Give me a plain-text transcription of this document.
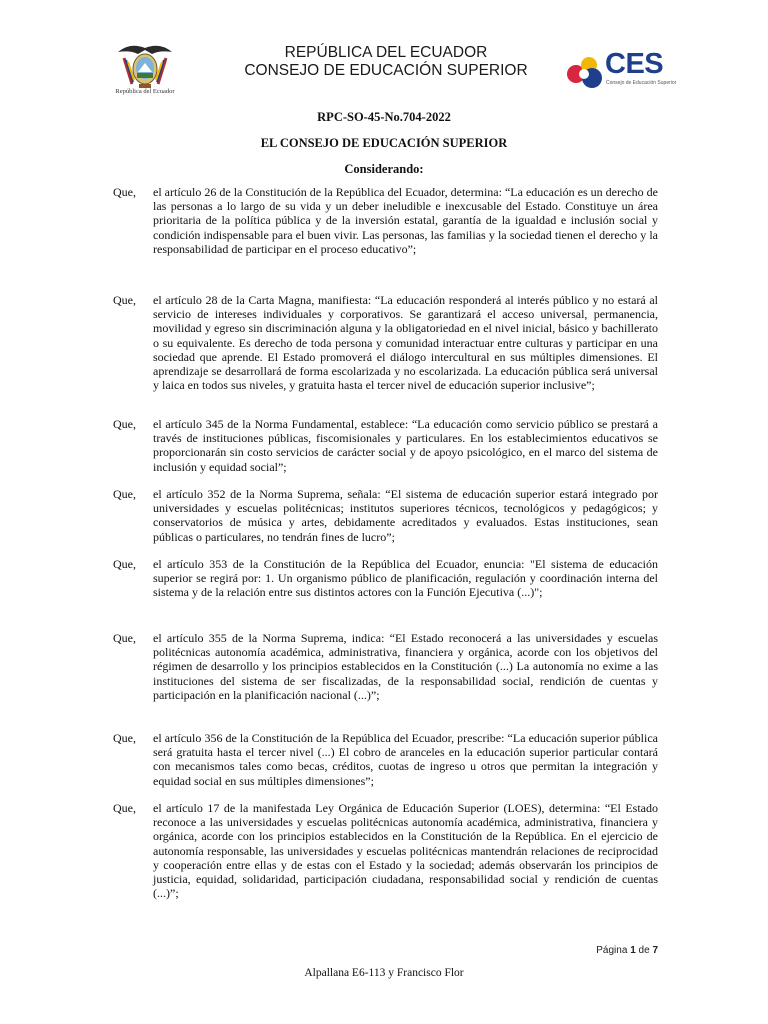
República del Ecuador
REPÚBLICA DEL ECUADOR
CONSEJO DE EDUCACIÓN SUPERIOR	CES
Consejo de Educación Superior
RPC-SO-45-No.704-2022
EL CONSEJO DE EDUCACIÓN SUPERIOR
Considerando:
Que, el artículo 26 de la Constitución de la República del Ecuador, determina: “La educación es un derecho de las personas a lo largo de su vida y un deber ineludible e inexcusable del Estado. Constituye un área prioritaria de la política pública y de la inversión estatal, garantía de la igualdad e inclusión social y condición indispensable para el buen vivir. Las personas, las familias y la sociedad tienen el derecho y la responsabilidad de participar en el proceso educativo”;
Que, el artículo 28 de la Carta Magna, manifiesta: “La educación responderá al interés público y no estará al servicio de intereses individuales y corporativos. Se garantizará el acceso universal, permanencia, movilidad y egreso sin discriminación alguna y la obligatoriedad en el nivel inicial, básico y bachillerato o su equivalente. Es derecho de toda persona y comunidad interactuar entre culturas y participar en una sociedad que aprende. El Estado promoverá el diálogo intercultural en sus múltiples dimensiones. El aprendizaje se desarrollará de forma escolarizada y no escolarizada. La educación pública será universal y laica en todos sus niveles, y gratuita hasta el tercer nivel de educación superior inclusive”;
Que, el artículo 345 de la Norma Fundamental, establece: “La educación como servicio público se prestará a través de instituciones públicas, fiscomisionales y particulares. En los establecimientos educativos se proporcionarán sin costo servicios de carácter social y de apoyo psicológico, en el marco del sistema de inclusión y equidad social”;
Que, el artículo 352 de la Norma Suprema, señala: “El sistema de educación superior estará integrado por universidades y escuelas politécnicas; institutos superiores técnicos, tecnológicos y pedagógicos; y conservatorios de música y artes, debidamente acreditados y evaluados. Estas instituciones, sean públicas o particulares, no tendrán fines de lucro”;
Que, el artículo 353 de la Constitución de la República del Ecuador, enuncia: "El sistema de educación superior se regirá por: 1. Un organismo público de planificación, regulación y coordinación interna del sistema y de la relación entre sus distintos actores con la Función Ejecutiva (...)";
Que, el artículo 355 de la Norma Suprema, indica: “El Estado reconocerá a las universidades y escuelas politécnicas autonomía académica, administrativa, financiera y orgánica, acorde con los objetivos del régimen de desarrollo y los principios establecidos en la Constitución (...) La autonomía no exime a las instituciones del sistema de ser fiscalizadas, de la responsabilidad social, rendición de cuentas y participación en la planificación nacional (...)”;
Que, el artículo 356 de la Constitución de la República del Ecuador, prescribe: “La educación superior pública será gratuita hasta el tercer nivel (...) El cobro de aranceles en la educación superior particular contará con mecanismos tales como becas, créditos, cuotas de ingreso u otros que permitan la integración y equidad social en sus múltiples dimensiones”;
Que, el artículo 17 de la manifestada Ley Orgánica de Educación Superior (LOES), determina: “El Estado reconoce a las universidades y escuelas politécnicas autonomía académica, administrativa, financiera y orgánica, acorde con los principios establecidos en la Constitución de la República. En el ejercicio de autonomía responsable, las universidades y escuelas politécnicas mantendrán relaciones de reciprocidad y cooperación entre ellas y de estas con el Estado y la sociedad; además observarán los principios de justicia, equidad, solidaridad, participación ciudadana, responsabilidad social y rendición de cuentas (...)”;
Página 1 de 7
Alpallana E6-113 y Francisco Flor
